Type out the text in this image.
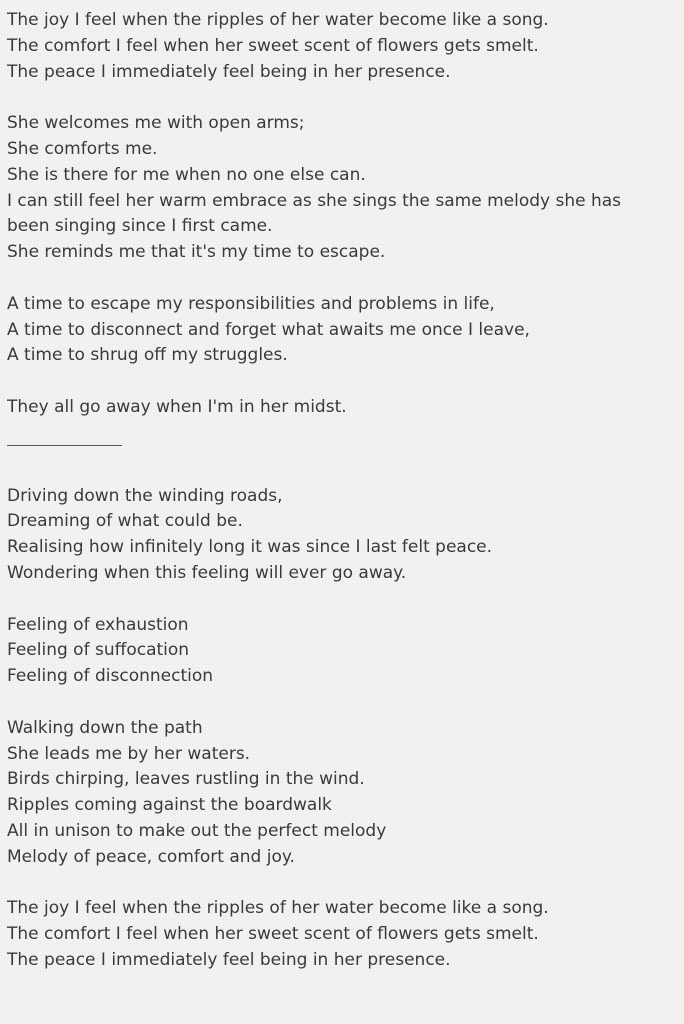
The joy I feel when the ripples of her water become like a song.
The comfort I feel when her sweet scent of flowers gets smelt.
The peace I immediately feel being in her presence.
She welcomes me with open arms;
She comforts me.
She is there for me when no one else can.
I can still feel her warm embrace as she sings the same melody she has
been singing since I first came.
She reminds me that it's my time to escape.
A time to escape my responsibilities and problems in life,
A time to disconnect and forget what awaits me once I leave,
A time to shrug off my struggles.
They all go away when I'm in her midst.
Driving down the winding roads,
Dreaming of what could be.
Realising how infinitely long it was since I last felt peace.
Wondering when this feeling will ever go away.
Feeling of exhaustion
Feeling of suffocation
Feeling of disconnection
Walking down the path
She leads me by her waters.
Birds chirping, leaves rustling in the wind.
Ripples coming against the boardwalk
All in unison to make out the perfect melody
Melody of peace, comfort and joy.
The joy I feel when the ripples of her water become like a song.
The comfort I feel when her sweet scent of flowers gets smelt.
The peace I immediately feel being in her presence.
